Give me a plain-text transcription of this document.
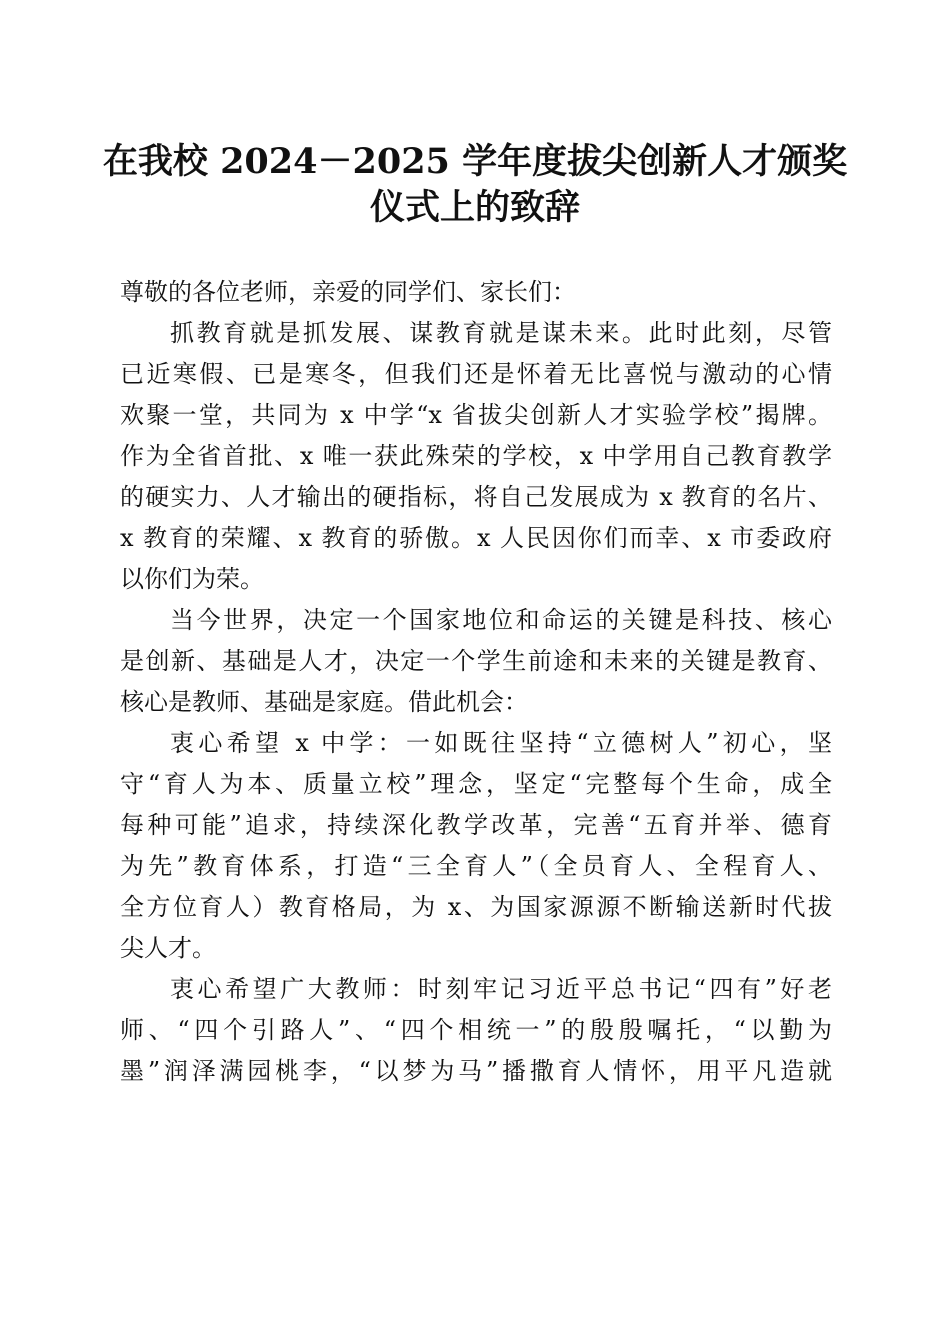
在我校 2024－2025 学年度拔尖创新人才颁奖
仪式上的致辞
尊敬的各位老师，亲爱的同学们、家长们：
抓教育就是抓发展、谋教育就是谋未来。此时此刻，尽管
已近寒假、已是寒冬，但我们还是怀着无比喜悦与激动的心情
欢聚一堂，共同为 x 中学“x 省拔尖创新人才实验学校”揭牌。
作为全省首批、x 唯一获此殊荣的学校，x 中学用自己教育教学
的硬实力、人才输出的硬指标，将自己发展成为 x 教育的名片、
x 教育的荣耀、x 教育的骄傲。x 人民因你们而幸、x 市委政府
以你们为荣。
当今世界，决定一个国家地位和命运的关键是科技、核心
是创新、基础是人才，决定一个学生前途和未来的关键是教育、
核心是教师、基础是家庭。借此机会：
衷心希望 x 中学：一如既往坚持“立德树人”初心，坚
守“育人为本、质量立校”理念，坚定“完整每个生命，成全
每种可能”追求，持续深化教学改革，完善“五育并举、德育
为先”教育体系，打造“三全育人”（全员育人、全程育人、
全方位育人）教育格局，为 x、为国家源源不断输送新时代拔
尖人才。
衷心希望广大教师：时刻牢记习近平总书记“四有”好老
师、“四个引路人”、“四个相统一”的殷殷嘱托，“以勤为
墨”润泽满园桃李，“以梦为马”播撒育人情怀，用平凡造就
